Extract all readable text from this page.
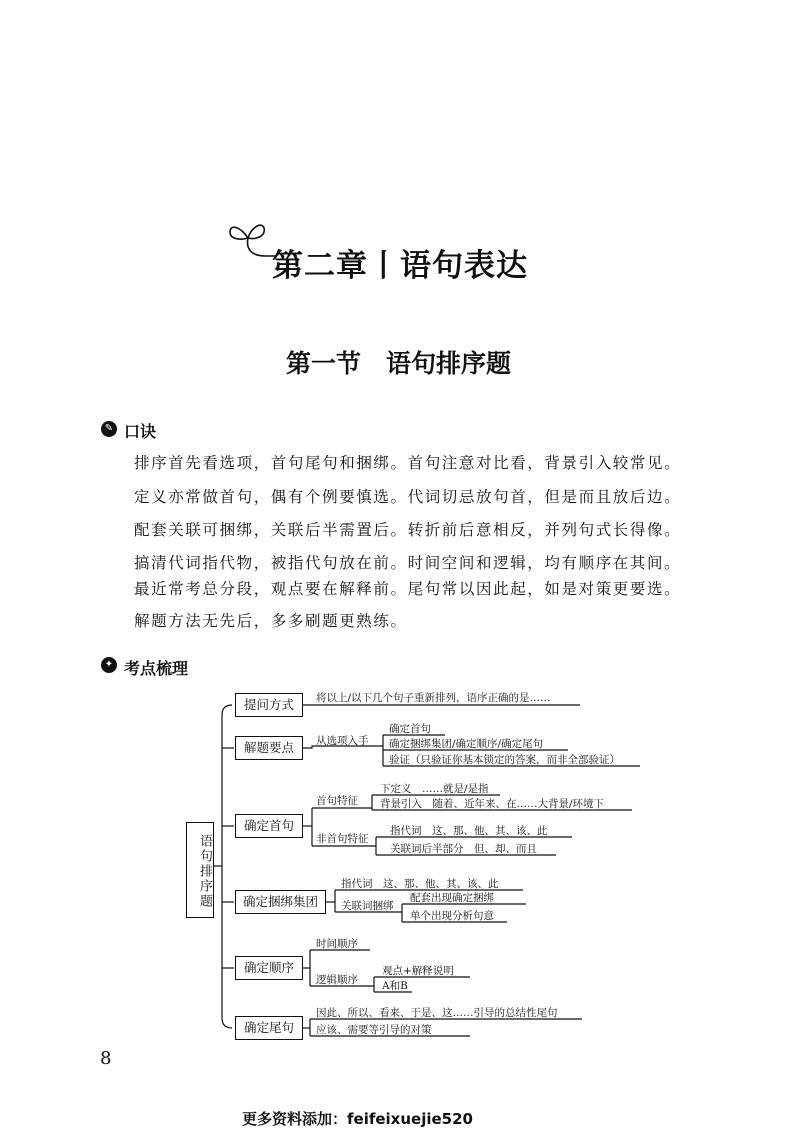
第二章丨语句表达
第一节　语句排序题
✎ 口诀
排序首先看选项，首句尾句和捆绑。首句注意对比看，背景引入较常见。
定义亦常做首句，偶有个例要慎选。代词切忌放句首，但是而且放后边。
配套关联可捆绑，关联后半需置后。转折前后意相反，并列句式长得像。
搞清代词指代物，被指代句放在前。时间空间和逻辑，均有顺序在其间。
最近常考总分段，观点要在解释前。尾句常以因此起，如是对策更要选。
解题方法无先后，多多刷题更熟练。
✦ 考点梳理
语句排序题
提问方式
解题要点
确定首句
确定捆绑集团
确定顺序
确定尾句
将以上/以下几个句子重新排列，语序正确的是……
从选项入手
确定首句
确定捆绑集团/确定顺序/确定尾句
验证（只验证你基本锁定的答案，而非全部验证）
首句特征
下定义　……就是/是指
背景引入　随着、近年来、在……大背景/环境下
非首句特征
指代词　这、那、他、其、该、此
关联词后半部分　但、却、而且
指代词　这、那、他、其、该、此
关联词捆绑
配套出现确定捆绑
单个出现分析句意
时间顺序
逻辑顺序
观点+解释说明
A和B
因此、所以、看来、于是、这……引导的总结性尾句
应该、需要等引导的对策
8
更多资料添加：feifeixuejie520
